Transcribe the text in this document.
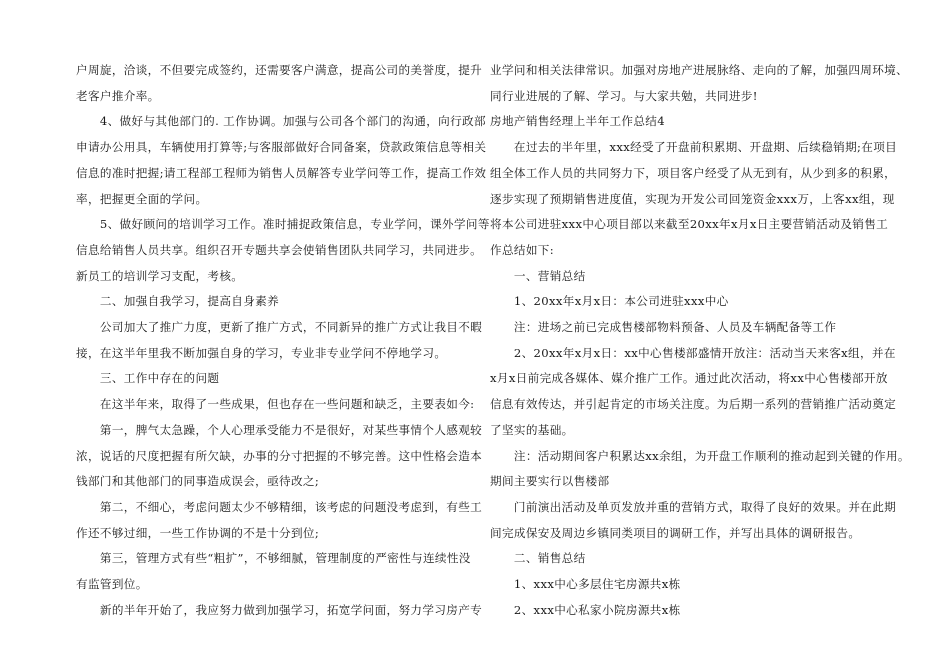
户周旋，洽谈，不但要完成签约，还需要客户满意，提高公司的美誉度，提升

老客户推介率。

　　4、做好与其他部门的. 工作协调。加强与公司各个部门的沟通，向行政部

申请办公用具，车辆使用打算等;与客服部做好合同备案，贷款政策信息等相关

信息的准时把握;请工程部工程师为销售人员解答专业学问等工作，提高工作效

率，把握更全面的学问。

　　5、做好顾问的培训学习工作。准时捕捉政策信息，专业学问，课外学问等

信息给销售人员共享。组织召开专题共享会使销售团队共同学习，共同进步。

新员工的培训学习支配，考核。

　　二、加强自我学习，提高自身素养

　　公司加大了推广力度，更新了推广方式，不同新异的推广方式让我目不暇

接，在这半年里我不断加强自身的学习，专业非专业学问不停地学习。

　　三、工作中存在的问题

　　在这半年来，取得了一些成果，但也存在一些问题和缺乏，主要表如今:

　　第一，脾气太急躁，个人心理承受能力不是很好，对某些事情个人感观较

浓，说话的尺度把握有所欠缺，办事的分寸把握的不够完善。这中性格会造本

钱部门和其他部门的同事造成误会，亟待改之;

　　第二，不细心，考虑问题太少不够精细，该考虑的问题没考虑到，有些工

作还不够过细，一些工作协调的不是十分到位;

　　第三，管理方式有些“粗扩”，不够细腻，管理制度的严密性与连续性没

有监管到位。

　　新的半年开始了，我应努力做到加强学习，拓宽学问面，努力学习房产专

业学问和相关法律常识。加强对房地产进展脉络、走向的了解，加强四周环境、

同行业进展的了解、学习。与大家共勉，共同进步!

房地产销售经理上半年工作总结4

　　在过去的半年里，xxx经受了开盘前积累期、开盘期、后续稳销期;在项目

组全体工作人员的共同努力下，项目客户经受了从无到有，从少到多的积累，

逐步实现了预期销售进度值，实现为开发公司回笼资金xxx万，上客xx组，现

将本公司进驻xxx中心项目部以来截至20xx年x月x日主要营销活动及销售工

作总结如下:

　　一、营销总结

　　1、20xx年x月x日：本公司进驻xxx中心

　　注：进场之前已完成售楼部物料预备、人员及车辆配备等工作

　　2、20xx年x月x日：xx中心售楼部盛情开放注：活动当天来客x组，并在

x月x日前完成各媒体、媒介推广工作。通过此次活动，将xx中心售楼部开放

信息有效传达，并引起肯定的市场关注度。为后期一系列的营销推广活动奠定

了坚实的基础。

　　注：活动期间客户积累达xx余组，为开盘工作顺利的推动起到关键的作用。

期间主要实行以售楼部

　　门前演出活动及单页发放并重的营销方式，取得了良好的效果。并在此期

间完成保安及周边乡镇同类项目的调研工作，并写出具体的调研报告。

　　二、销售总结

　　1、xxx中心多层住宅房源共x栋

　　2、xxx中心私家小院房源共x栋
